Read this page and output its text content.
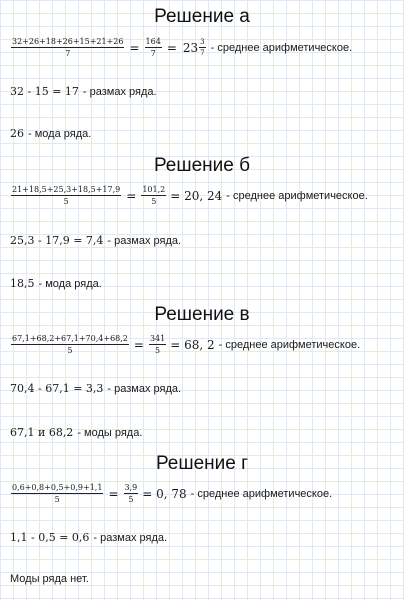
Решение а
$\frac{32+26+18+26+15+21+26}{7} = \frac{164}{7} = 23 \frac{3}{7}$ - среднее арифметическое.
32 - 15 = 17 - размах ряда.
26 - мода ряда.
Решение б
$\frac{21+18,5+25,3+18,5+17,9}{5} = \frac{101,2}{5} = 20$, 24 - среднее арифметическое.
25,3 - 17,9 = 7,4 - размах ряда.
18,5 - мода ряда.
Решение в
$\frac{67,1+68,2+67,1+70,4+68,2}{5} = \frac{341}{5} = 68$, 2 - среднее арифметическое.
70,4 - 67,1 = 3,3 - размах ряда.
67,1 и 68,2 - моды ряда.
Решение г
$\frac{0,6+0,8+0,5+0,9+1,1}{5} = \frac{3,9}{5} = 0$, 78 - среднее арифметическое.
1,1 - 0,5 = 0,6 - размах ряда.
Моды ряда нет.
